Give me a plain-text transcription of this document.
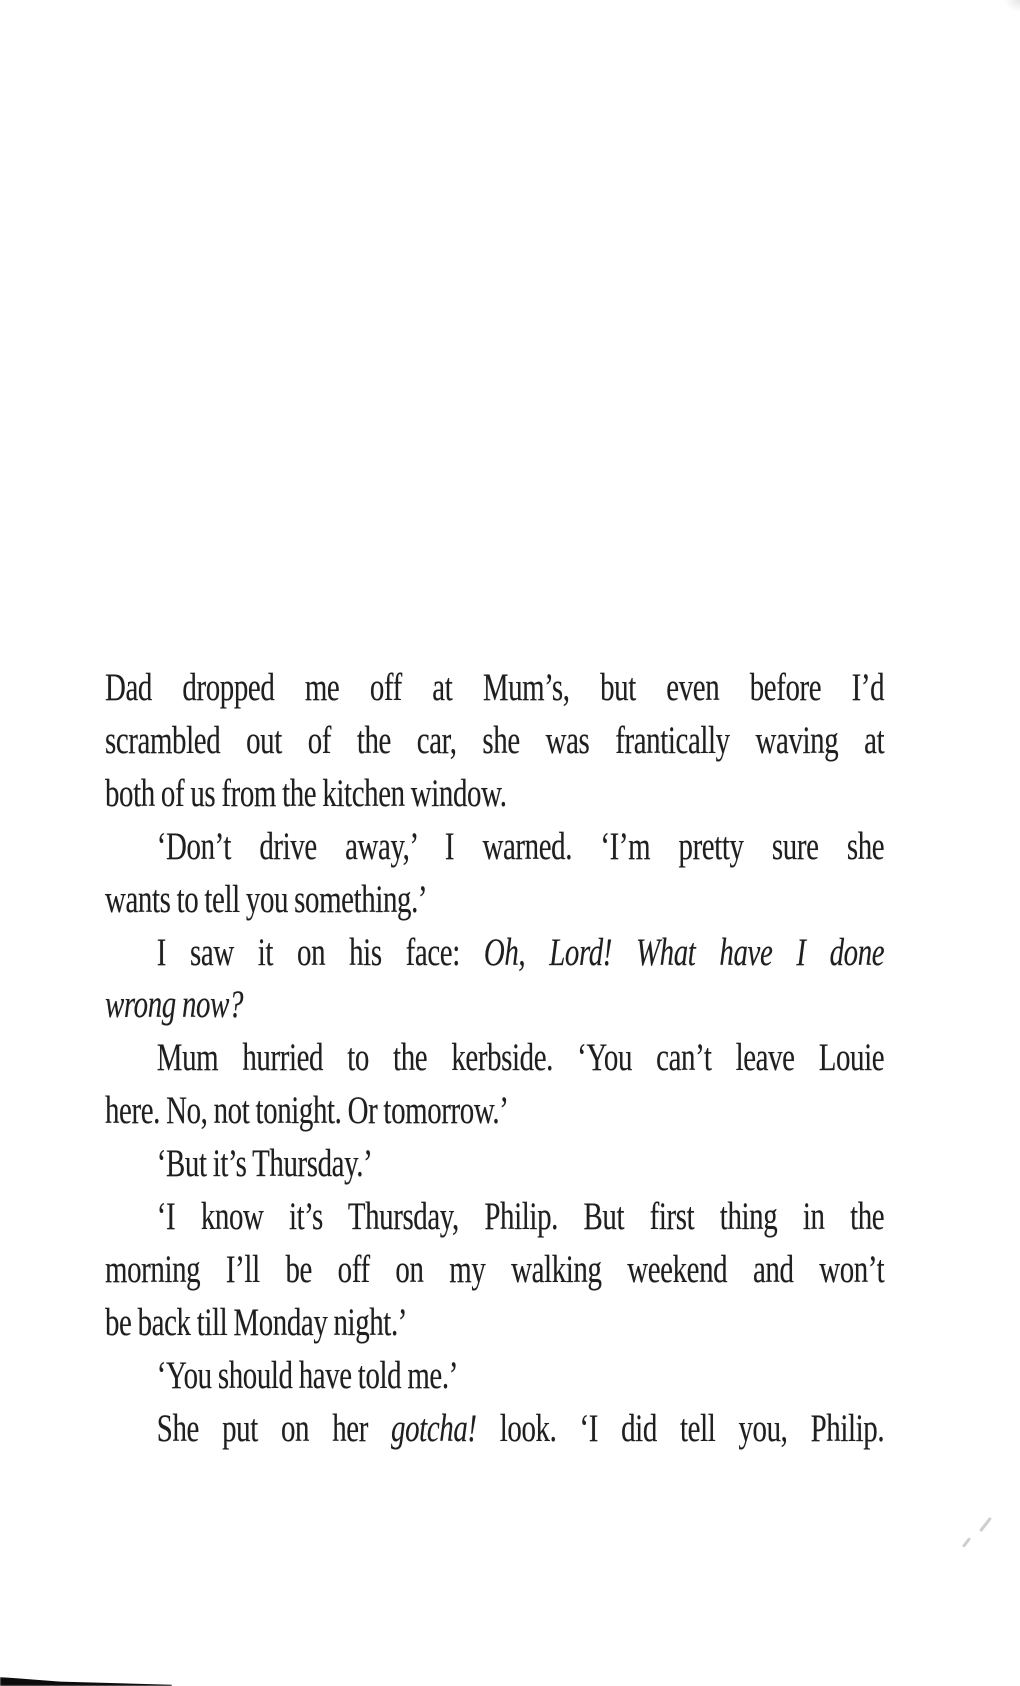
Dad dropped me off at Mum’s, but even before I’d
scrambled out of the car, she was frantically waving at
both of us from the kitchen window.
‘Don’t drive away,’ I warned. ‘I’m pretty sure she
wants to tell you something.’
I saw it on his face: Oh, Lord! What have I done
wrong now?
Mum hurried to the kerbside. ‘You can’t leave Louie
here. No, not tonight. Or tomorrow.’
‘But it’s Thursday.’
‘I know it’s Thursday, Philip. But first thing in the
morning I’ll be off on my walking weekend and won’t
be back till Monday night.’
‘You should have told me.’
She put on her gotcha! look. ‘I did tell you, Philip.
